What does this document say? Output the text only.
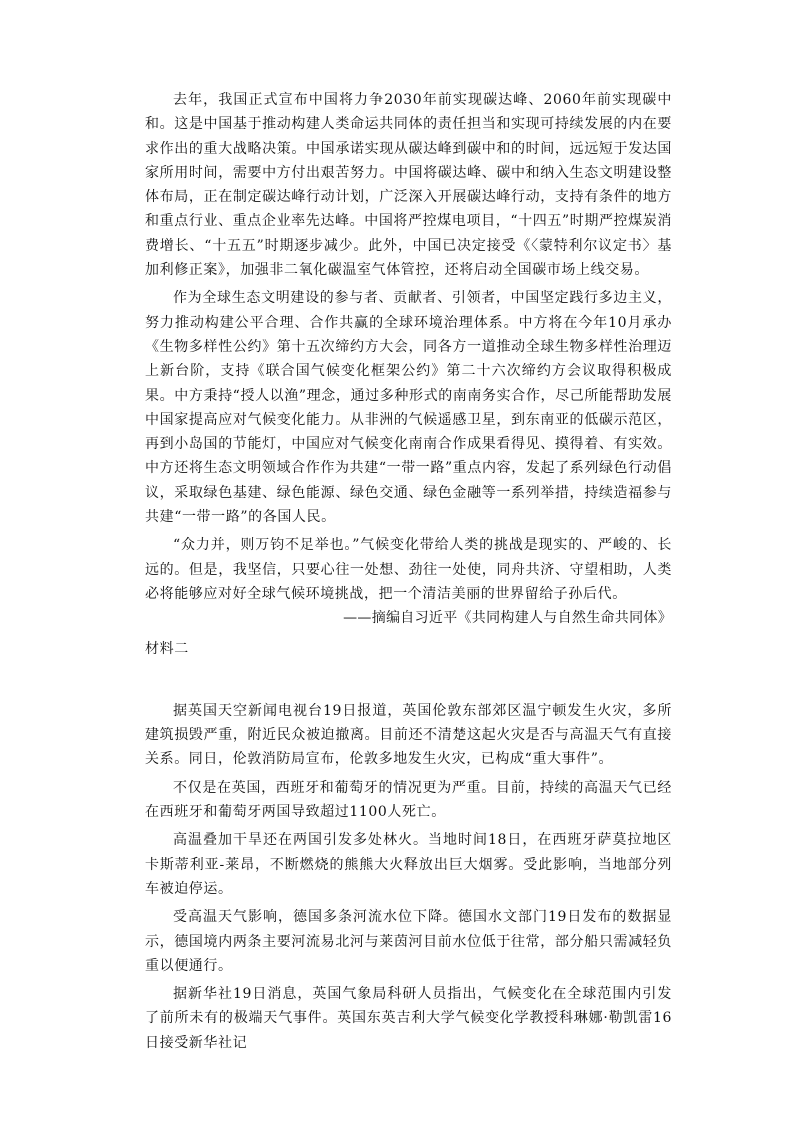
去年，我国正式宣布中国将力争2030年前实现碳达峰、2060年前实现碳中和。这是中国基于推动构建人类命运共同体的责任担当和实现可持续发展的内在要求作出的重大战略决策。中国承诺实现从碳达峰到碳中和的时间，远远短于发达国家所用时间，需要中方付出艰苦努力。中国将碳达峰、碳中和纳入生态文明建设整体布局，正在制定碳达峰行动计划，广泛深入开展碳达峰行动，支持有条件的地方和重点行业、重点企业率先达峰。中国将严控煤电项目，“十四五”时期严控煤炭消费增长、“十五五”时期逐步减少。此外，中国已决定接受《〈蒙特利尔议定书〉基加利修正案》，加强非二氧化碳温室气体管控，还将启动全国碳市场上线交易。

作为全球生态文明建设的参与者、贡献者、引领者，中国坚定践行多边主义，努力推动构建公平合理、合作共赢的全球环境治理体系。中方将在今年10月承办《生物多样性公约》第十五次缔约方大会，同各方一道推动全球生物多样性治理迈上新台阶，支持《联合国气候变化框架公约》第二十六次缔约方会议取得积极成果。中方秉持“授人以渔”理念，通过多种形式的南南务实合作，尽己所能帮助发展中国家提高应对气候变化能力。从非洲的气候遥感卫星，到东南亚的低碳示范区，再到小岛国的节能灯，中国应对气候变化南南合作成果看得见、摸得着、有实效。中方还将生态文明领域合作作为共建“一带一路”重点内容，发起了系列绿色行动倡议，采取绿色基建、绿色能源、绿色交通、绿色金融等一系列举措，持续造福参与共建“一带一路”的各国人民。

“众力并，则万钧不足举也。”气候变化带给人类的挑战是现实的、严峻的、长远的。但是，我坚信，只要心往一处想、劲往一处使，同舟共济、守望相助，人类必将能够应对好全球气候环境挑战，把一个清洁美丽的世界留给子孙后代。

——摘编自习近平《共同构建人与自然生命共同体》

材料二

据英国天空新闻电视台19日报道，英国伦敦东部郊区温宁顿发生火灾，多所建筑损毁严重，附近民众被迫撤离。目前还不清楚这起火灾是否与高温天气有直接关系。同日，伦敦消防局宣布，伦敦多地发生火灾，已构成“重大事件”。

不仅是在英国，西班牙和葡萄牙的情况更为严重。目前，持续的高温天气已经在西班牙和葡萄牙两国导致超过1100人死亡。

高温叠加干旱还在两国引发多处林火。当地时间18日，在西班牙萨莫拉地区卡斯蒂利亚-莱昂，不断燃烧的熊熊大火释放出巨大烟雾。受此影响，当地部分列车被迫停运。

受高温天气影响，德国多条河流水位下降。德国水文部门19日发布的数据显示，德国境内两条主要河流易北河与莱茵河目前水位低于往常，部分船只需减轻负重以便通行。

据新华社19日消息，英国气象局科研人员指出，气候变化在全球范围内引发了前所未有的极端天气事件。英国东英吉利大学气候变化学教授科琳娜·勒凯雷16日接受新华社记
